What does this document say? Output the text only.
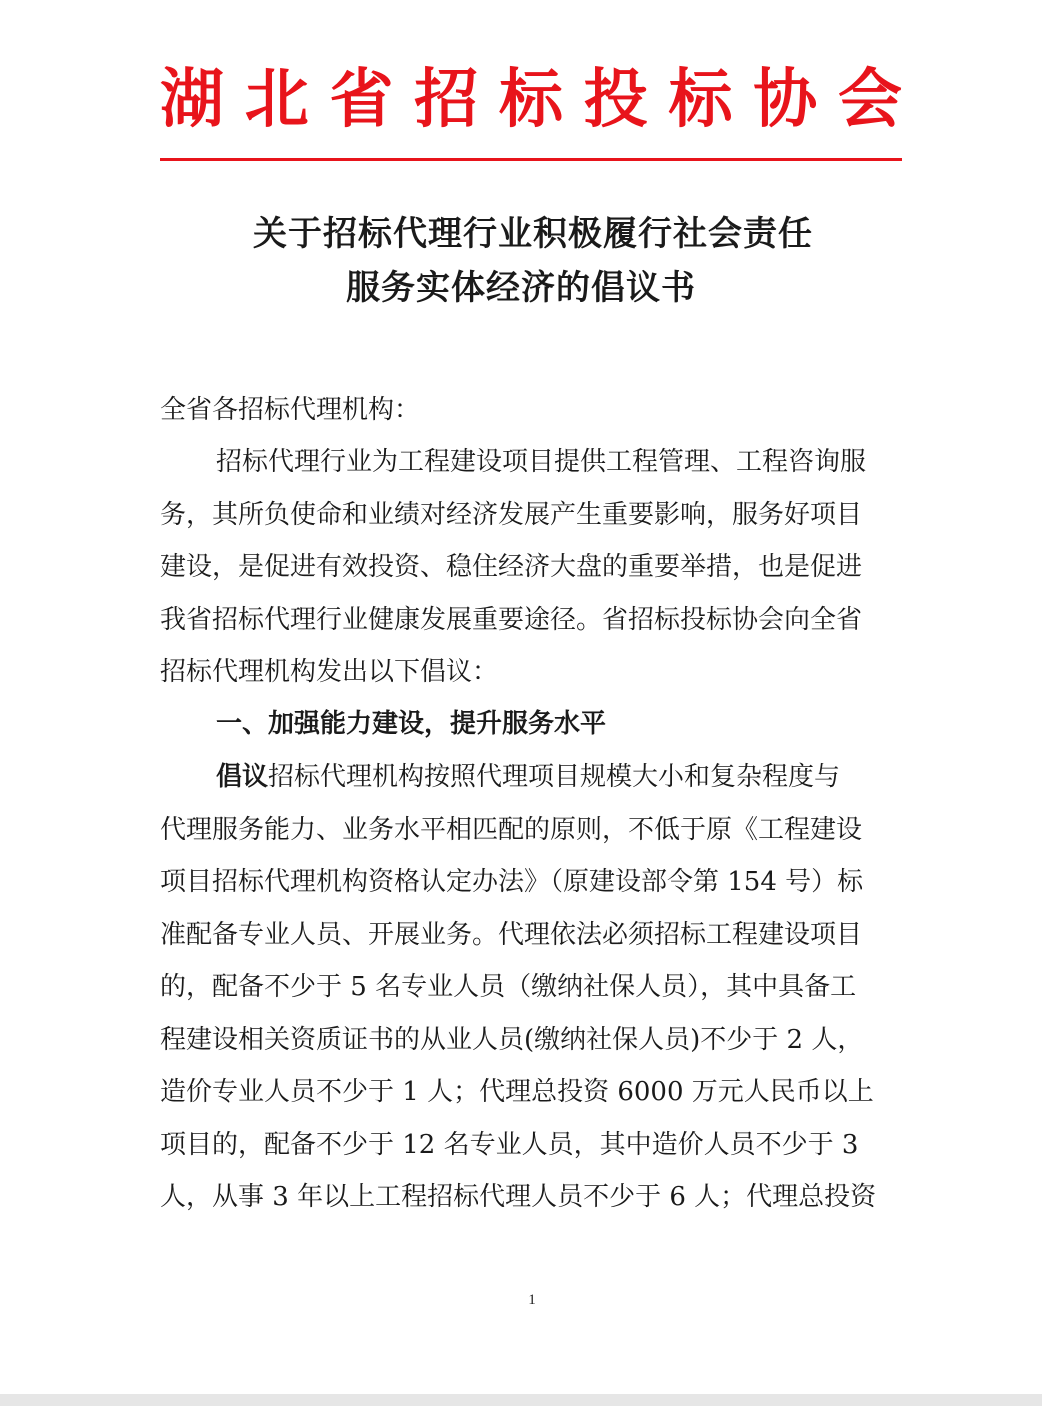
湖 北 省 招 标 投 标 协 会
关于招标代理行业积极履行社会责任
服务实体经济的倡议书
全省各招标代理机构：
招标代理行业为工程建设项目提供工程管理、工程咨询服
务，其所负使命和业绩对经济发展产生重要影响，服务好项目
建设，是促进有效投资、稳住经济大盘的重要举措，也是促进
我省招标代理行业健康发展重要途径。省招标投标协会向全省
招标代理机构发出以下倡议：
一、加强能力建设，提升服务水平
倡议招标代理机构按照代理项目规模大小和复杂程度与
代理服务能力、业务水平相匹配的原则，不低于原《工程建设
项目招标代理机构资格认定办法》（原建设部令第 154 号）标
准配备专业人员、开展业务。代理依法必须招标工程建设项目
的，配备不少于 5 名专业人员（缴纳社保人员），其中具备工
程建设相关资质证书的从业人员(缴纳社保人员)不少于 2 人，
造价专业人员不少于 1 人；代理总投资 6000 万元人民币以上
项目的，配备不少于 12 名专业人员，其中造价人员不少于 3
人，从事 3 年以上工程招标代理人员不少于 6 人；代理总投资
1
